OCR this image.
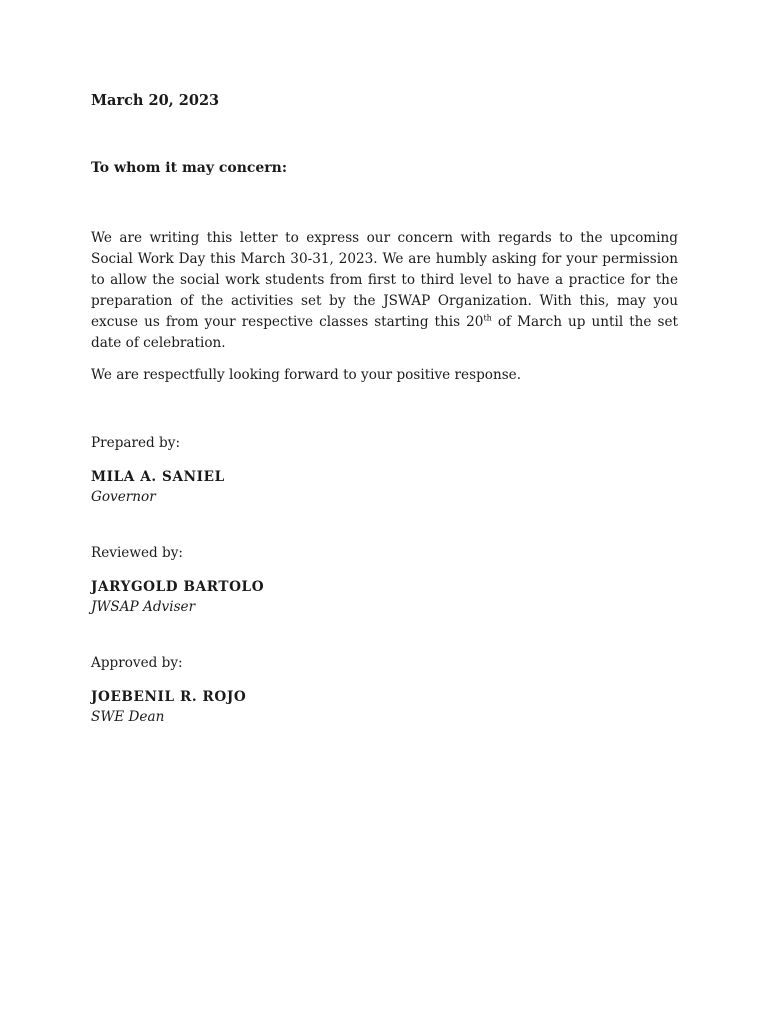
March 20, 2023
To whom it may concern:
We are writing this letter to express our concern with regards to the upcoming Social Work Day this March 30-31, 2023. We are humbly asking for your permission to allow the social work students from first to third level to have a practice for the preparation of the activities set by the JSWAP Organization. With this, may you excuse us from your respective classes starting this 20th of March up until the set date of celebration.
We are respectfully looking forward to your positive response.
Prepared by:
MILA A. SANIEL
Governor
Reviewed by:
JARYGOLD BARTOLO
JWSAP Adviser
Approved by:
JOEBENIL R. ROJO
SWE Dean
